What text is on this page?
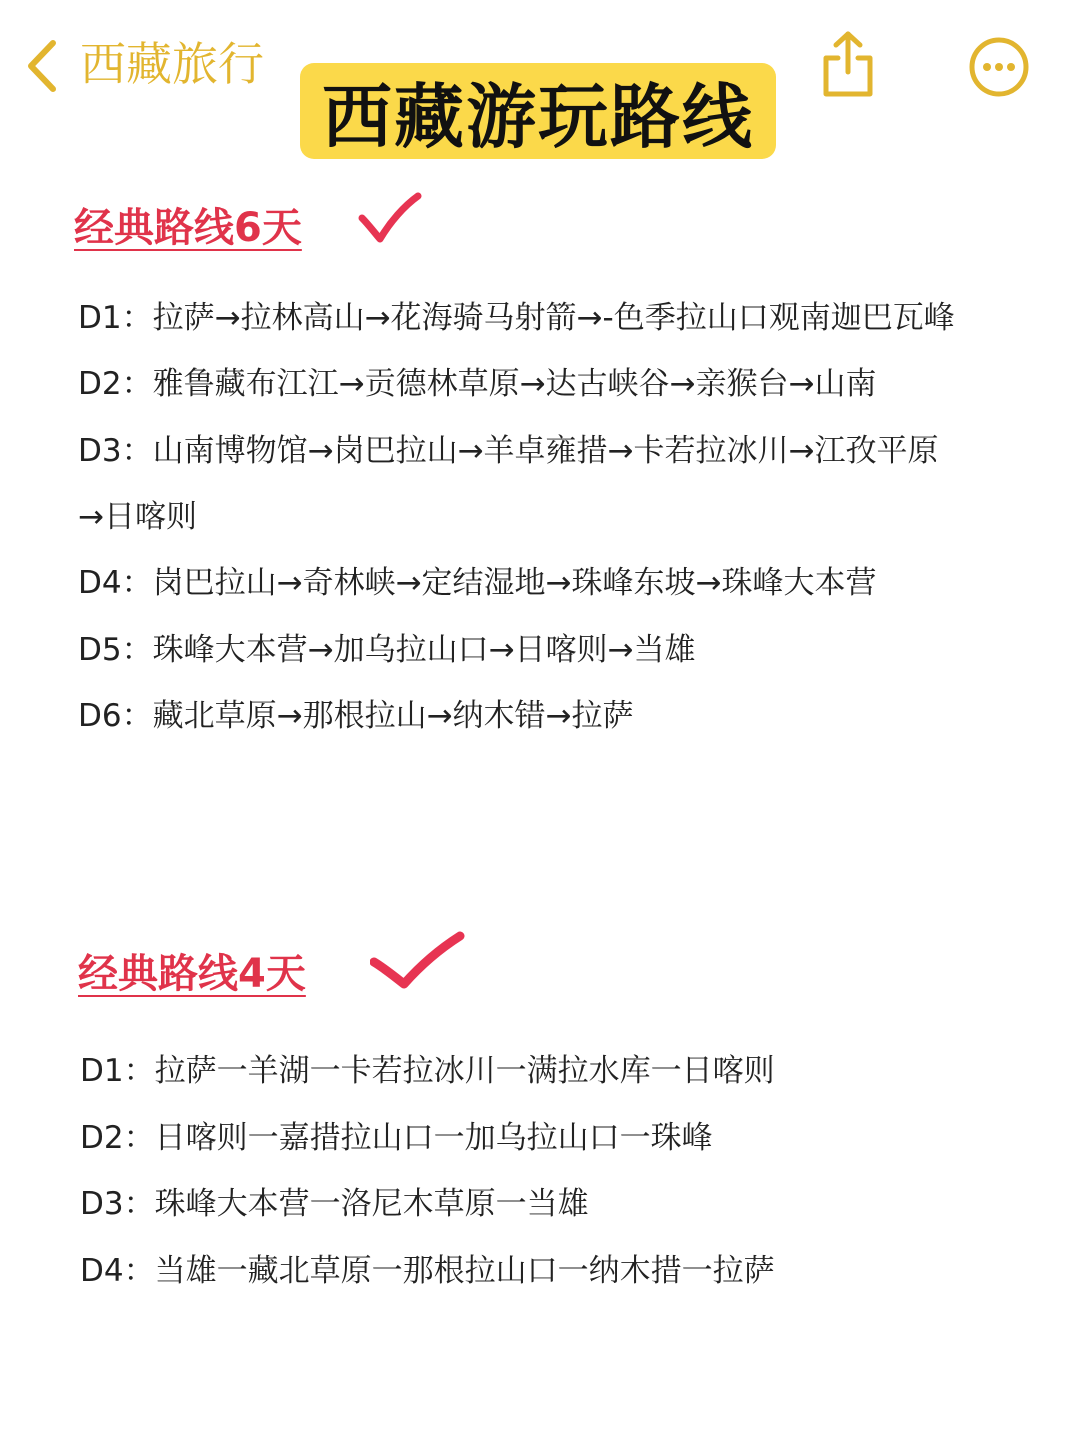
西藏旅行
西藏游玩路线
经典路线6天
D1：拉萨→拉林高山→花海骑马射箭→-色季拉山口观南迦巴瓦峰
D2：雅鲁藏布江江→贡德林草原→达古峡谷→亲猴台→山南
D3：山南博物馆→岗巴拉山→羊卓雍措→卡若拉冰川→江孜平原
→日喀则
D4：岗巴拉山→奇林峡→定结湿地→珠峰东坡→珠峰大本营
D5：珠峰大本营→加乌拉山口→日喀则→当雄
D6：藏北草原→那根拉山→纳木错→拉萨
经典路线4天
D1：拉萨一羊湖一卡若拉冰川一满拉水库一日喀则
D2：日喀则一嘉措拉山口一加乌拉山口一珠峰
D3：珠峰大本营一洛尼木草原一当雄
D4：当雄一藏北草原一那根拉山口一纳木措一拉萨
